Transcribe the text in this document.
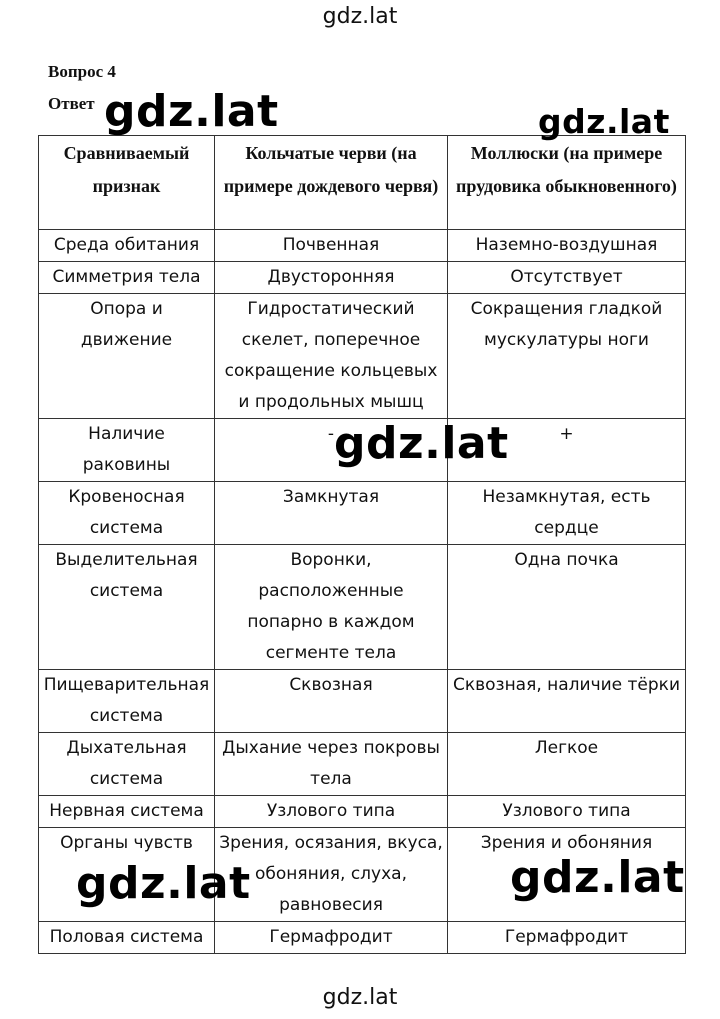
gdz.lat
Вопрос 4
Ответ
Сравниваемый признак	Кольчатые черви (на примере дождевого червя)	Моллюски (на примере прудовика обыкновенного)
Среда обитания	Почвенная	Наземно-воздушная
Симметрия тела	Двусторонняя	Отсутствует
Опора и движение	Гидростатический скелет, поперечное сокращение кольцевых и продольных мышц	Сокращения гладкой мускулатуры ноги
Наличие раковины	-	+
Кровеносная система	Замкнутая	Незамкнутая, есть сердце
Выделительная система	Воронки, расположенные попарно в каждом сегменте тела	Одна почка
Пищеварительная система	Сквозная	Сквозная, наличие тёрки
Дыхательная система	Дыхание через покровы тела	Легкое
Нервная система	Узлового типа	Узлового типа
Органы чувств	Зрения, осязания, вкуса, обоняния, слуха, равновесия	Зрения и обоняния
Половая система	Гермафродит	Гермафродит
gdz.lat	gdz.lat
gdz.lat
gdz.lat	gdz.lat
gdz.lat
